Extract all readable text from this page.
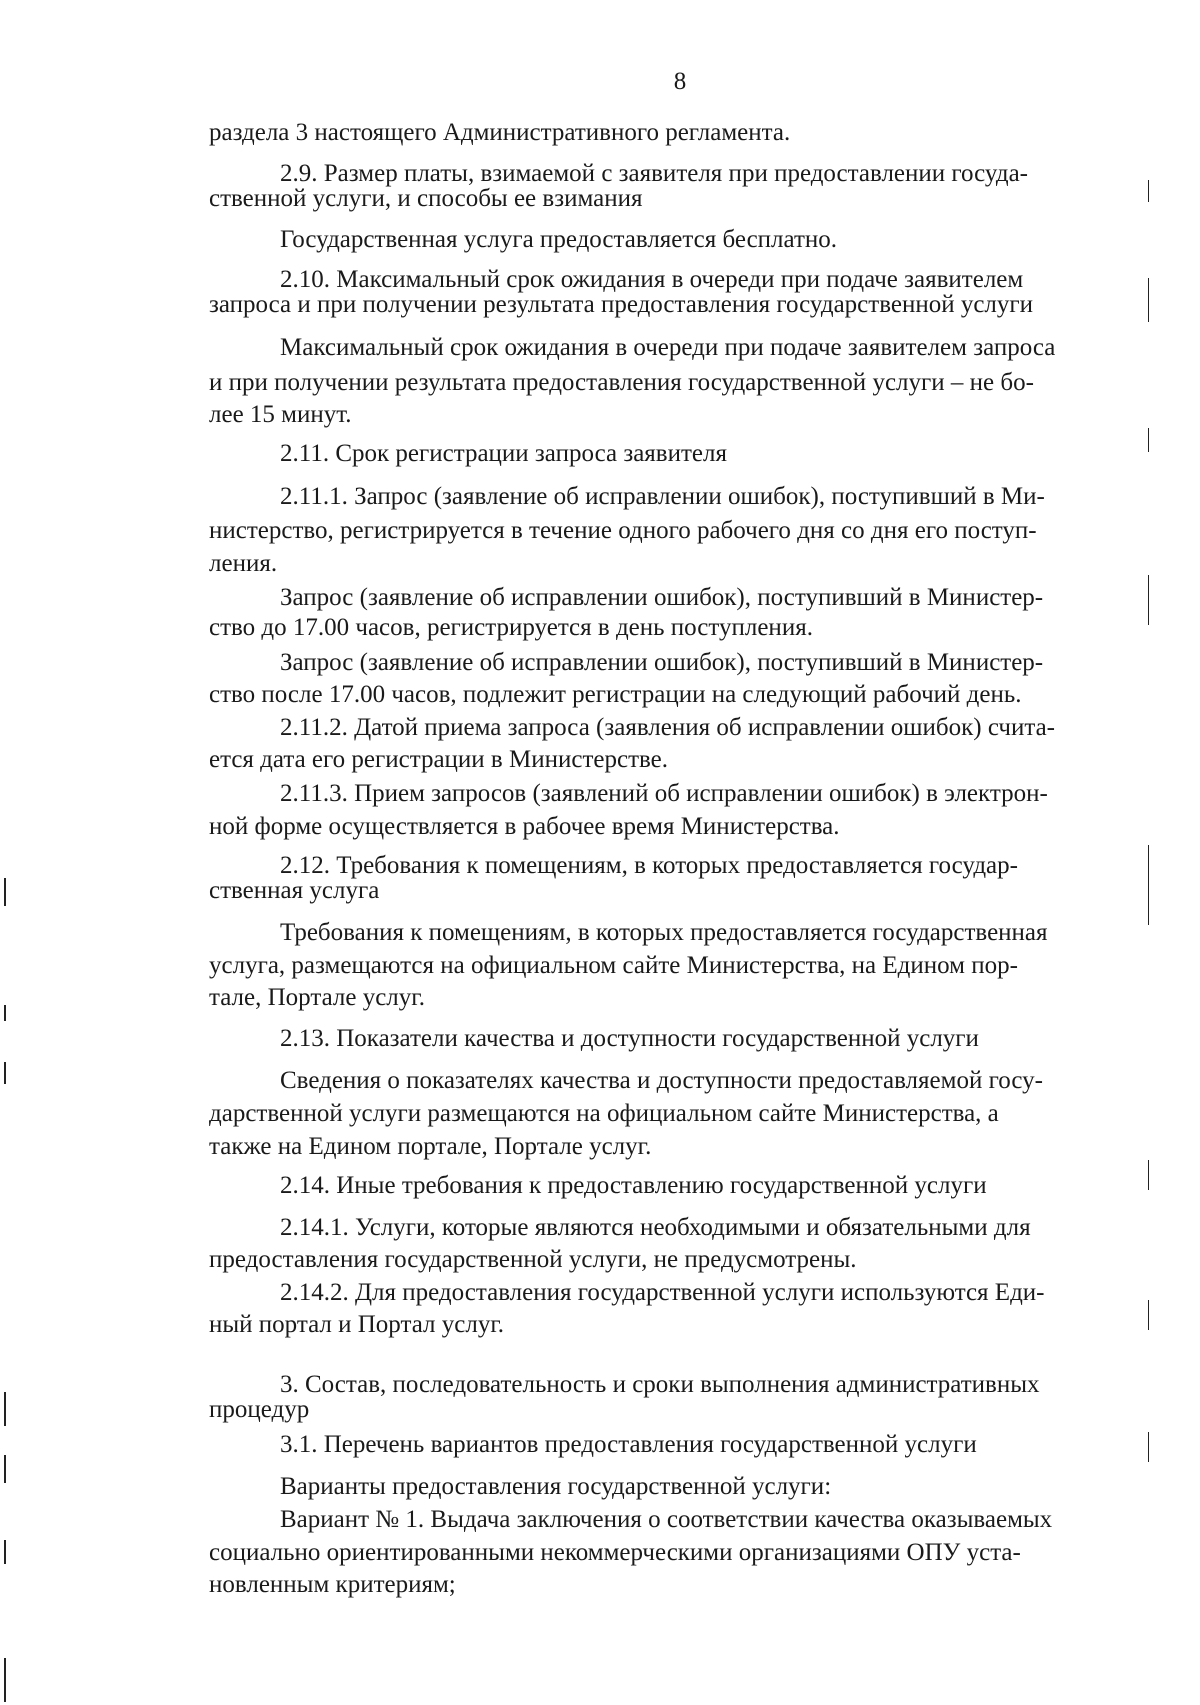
8
раздела 3 настоящего Административного регламента.
2.9. Размер платы, взимаемой с заявителя при предоставлении госуда-
ственной услуги, и способы ее взимания
Государственная услуга предоставляется бесплатно.
2.10. Максимальный срок ожидания в очереди при подаче заявителем
запроса и при получении результата предоставления государственной услуги
Максимальный срок ожидания в очереди при подаче заявителем запроса
и при получении результата предоставления государственной услуги – не бо-
лее 15 минут.
2.11. Срок регистрации запроса заявителя
2.11.1. Запрос (заявление об исправлении ошибок), поступивший в Ми-
нистерство, регистрируется в течение одного рабочего дня со дня его поступ-
ления.
Запрос (заявление об исправлении ошибок), поступивший в Министер-
ство до 17.00 часов, регистрируется в день поступления.
Запрос (заявление об исправлении ошибок), поступивший в Министер-
ство после 17.00 часов, подлежит регистрации на следующий рабочий день.
2.11.2. Датой приема запроса (заявления об исправлении ошибок) счита-
ется дата его регистрации в Министерстве.
2.11.3. Прием запросов (заявлений об исправлении ошибок) в электрон-
ной форме осуществляется в рабочее время Министерства.
2.12. Требования к помещениям, в которых предоставляется государ-
ственная услуга
Требования к помещениям, в которых предоставляется государственная
услуга, размещаются на официальном сайте Министерства, на Едином пор-
тале, Портале услуг.
2.13. Показатели качества и доступности государственной услуги
Сведения о показателях качества и доступности предоставляемой госу-
дарственной услуги размещаются на официальном сайте Министерства, а
также на Едином портале, Портале услуг.
2.14. Иные требования к предоставлению государственной услуги
2.14.1. Услуги, которые являются необходимыми и обязательными для
предоставления государственной услуги, не предусмотрены.
2.14.2. Для предоставления государственной услуги используются Еди-
ный портал и Портал услуг.
3. Состав, последовательность и сроки выполнения административных
процедур
3.1. Перечень вариантов предоставления государственной услуги
Варианты предоставления государственной услуги:
Вариант № 1. Выдача заключения о соответствии качества оказываемых
социально ориентированными некоммерческими организациями ОПУ уста-
новленным критериям;
